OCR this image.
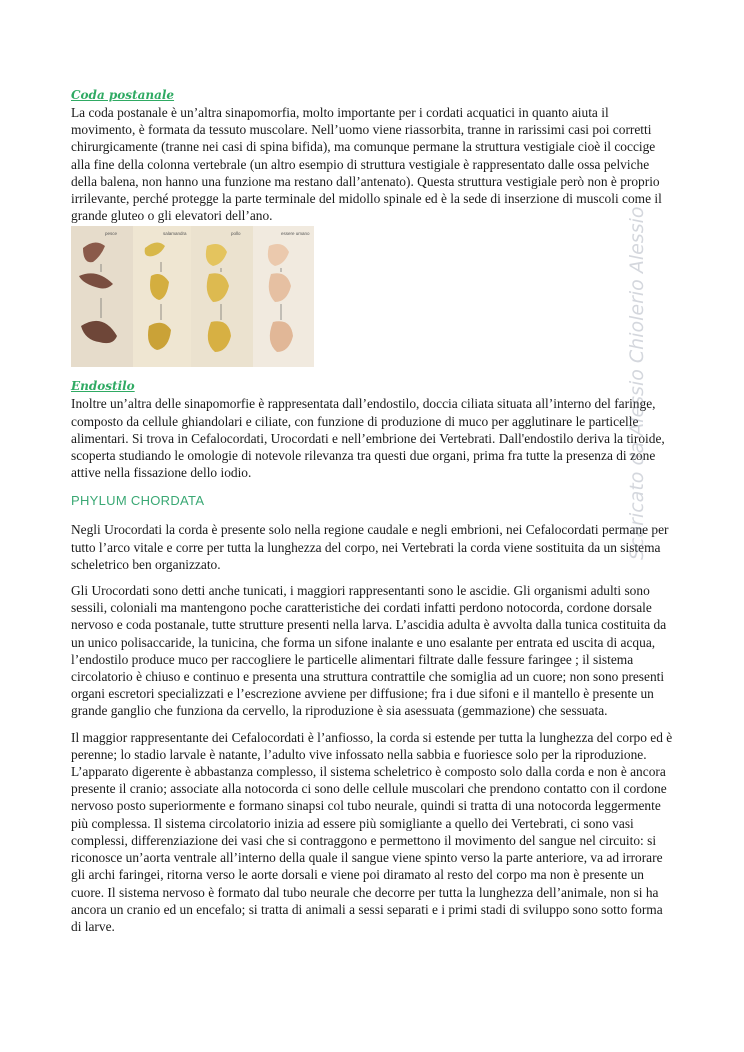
Coda postanale

La coda postanale è un’altra sinapomorfia, molto importante per i cordati acquatici in quanto aiuta il movimento, è formata da tessuto muscolare. Nell’uomo viene riassorbita, tranne in rarissimi casi poi corretti chirurgicamente (tranne nei casi di spina bifida), ma comunque permane la struttura vestigiale cioè il coccige alla fine della colonna vertebrale (un altro esempio di struttura vestigiale è rappresentato dalle ossa pelviche della balena, non hanno una funzione ma restano dall’antenato). Questa struttura vestigiale però non è proprio irrilevante, perché protegge la parte terminale del midollo spinale ed è la sede di inserzione di muscoli come il grande gluteo o gli elevatori dell’ano.

pesce	salamandra	pollo	essere umano
Endostilo

Inoltre un’altra delle sinapomorfie è rappresentata dall’endostilo, doccia ciliata situata all’interno del faringe, composto da cellule ghiandolari e ciliate, con funzione di produzione di muco per agglutinare le particelle alimentari. Si trova in Cefalocordati, Urocordati e nell’embrione dei Vertebrati. Dall'endostilo deriva la tiroide, scoperta studiando le omologie di notevole rilevanza tra questi due organi, prima fra tutte la presenza di zone attive nella fissazione dello iodio.

PHYLUM CHORDATA

Negli Urocordati la corda è presente solo nella regione caudale e negli embrioni, nei Cefalocordati permane per tutto l’arco vitale e corre per tutta la lunghezza del corpo, nei Vertebrati la corda viene sostituita da un sistema scheletrico ben organizzato.

Gli Urocordati sono detti anche tunicati, i maggiori rappresentanti sono le ascidie. Gli organismi adulti sono sessili, coloniali ma mantengono poche caratteristiche dei cordati infatti perdono notocorda, cordone dorsale nervoso e coda postanale, tutte strutture presenti nella larva. L’ascidia adulta è avvolta dalla tunica costituita da un unico polisaccaride, la tunicina, che forma un sifone inalante e uno esalante per entrata ed uscita di acqua, l’endostilo produce muco per raccogliere le particelle alimentari filtrate dalle fessure faringee ; il sistema circolatorio è chiuso e continuo e presenta una struttura contrattile che somiglia ad un cuore; non sono presenti organi escretori specializzati e l’escrezione avviene per diffusione; fra i due sifoni e il mantello è presente un grande ganglio che funziona da cervello, la riproduzione è sia asessuata (gemmazione) che sessuata.

Il maggior rappresentante dei Cefalocordati è l’anfiosso, la corda si estende per tutta la lunghezza del corpo ed è perenne; lo stadio larvale è natante, l’adulto vive infossato nella sabbia e fuoriesce solo per la riproduzione. L’apparato digerente è abbastanza complesso, il sistema scheletrico è composto solo dalla corda e non è ancora presente il cranio; associate alla notocorda ci sono delle cellule muscolari che prendono contatto con il cordone nervoso posto superiormente e formano sinapsi col tubo neurale, quindi si tratta di una notocorda leggermente più complessa. Il sistema circolatorio inizia ad essere più somigliante a quello dei Vertebrati, ci sono vasi complessi, differenziazione dei vasi che si contraggono e permettono il movimento del sangue nel circuito: si riconosce un’aorta ventrale all’interno della quale il sangue viene spinto verso la parte anteriore, va ad irrorare gli archi faringei, ritorna verso le aorte dorsali e viene poi diramato al resto del corpo ma non è presente un cuore. Il sistema nervoso è formato dal tubo neurale che decorre per tutta la lunghezza dell’animale, non si ha ancora un cranio ed un encefalo; si tratta di animali a sessi separati e i primi stadi di sviluppo sono sotto forma di larve.

Scaricato da Alessio Chiolerio Alessio
